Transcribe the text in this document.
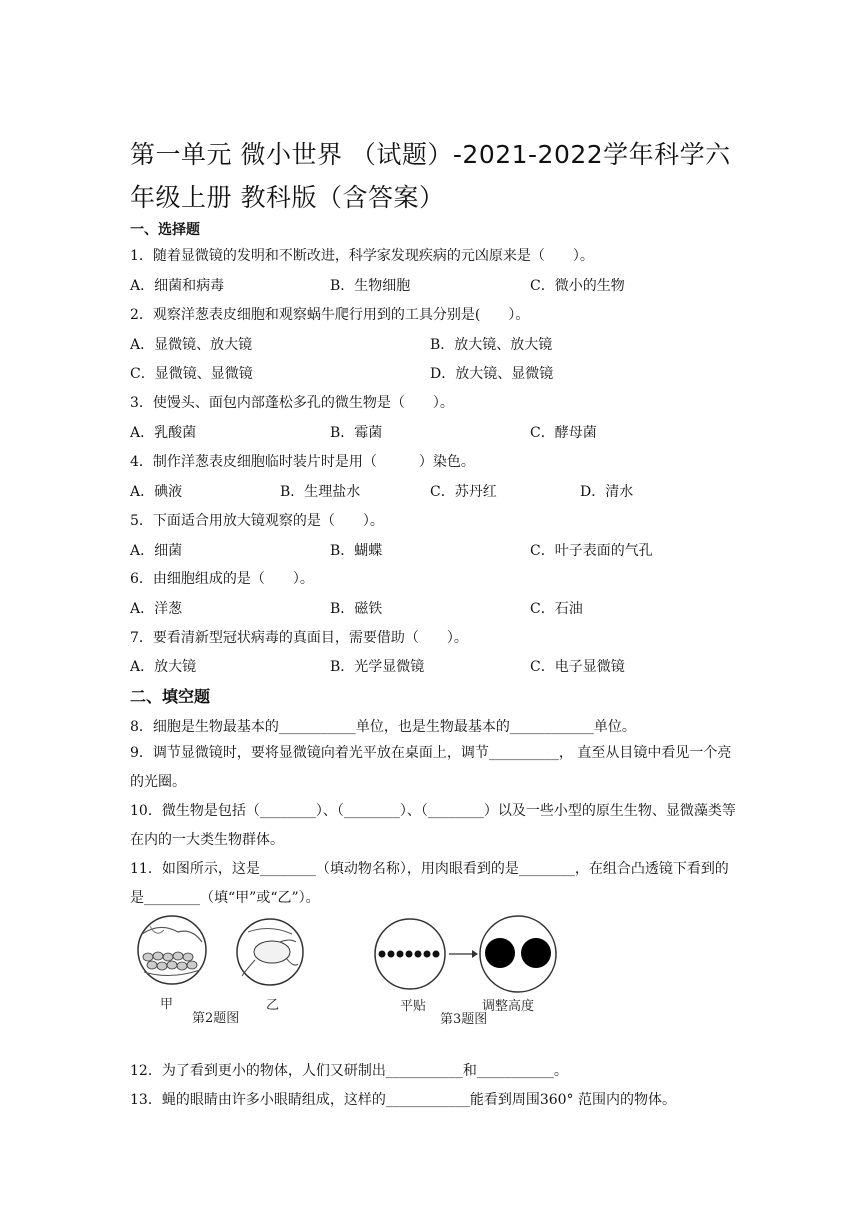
第一单元 微小世界 （试题）-2021-2022学年科学六年级上册 教科版（含答案）
一、选择题
1．随着显微镜的发明和不断改进，科学家发现疾病的元凶原来是（　　）。
A．细菌和病毒	B．生物细胞	C．微小的生物
2．观察洋葱表皮细胞和观察蜗牛爬行用到的工具分别是(　　）。
A．显微镜、放大镜	B．放大镜、放大镜
C．显微镜、显微镜	D．放大镜、显微镜
3．使馒头、面包内部蓬松多孔的微生物是（　　）。
A．乳酸菌	B．霉菌	C．酵母菌
4．制作洋葱表皮细胞临时装片时是用（　　　）染色。
A．碘液	B．生理盐水	C．苏丹红	D．清水
5．下面适合用放大镜观察的是（　　）。
A．细菌	B．蝴蝶	C．叶子表面的气孔
6．由细胞组成的是（　　）。
A．洋葱	B．磁铁	C．石油
7．要看清新型冠状病毒的真面目，需要借助（　　）。
A．放大镜	B．光学显微镜	C．电子显微镜
二、填空题
8．细胞是生物最基本的___________单位，也是生物最基本的____________单位。
9．调节显微镜时，要将显微镜向着光平放在桌面上，调节__________， 直至从目镜中看见一个亮的光圈。
10．微生物是包括（________）、（________）、（________）以及一些小型的原生生物、显微藻类等在内的一大类生物群体。
11．如图所示，这是________（填动物名称），用肉眼看到的是________，在组合凸透镜下看到的是________（填“甲”或“乙”）。
甲	乙
第2题图
平贴	调整高度
第3题图
12．为了看到更小的物体，人们又研制出___________和___________。
13．蝇的眼睛由许多小眼睛组成，这样的____________能看到周围360° 范围内的物体。
